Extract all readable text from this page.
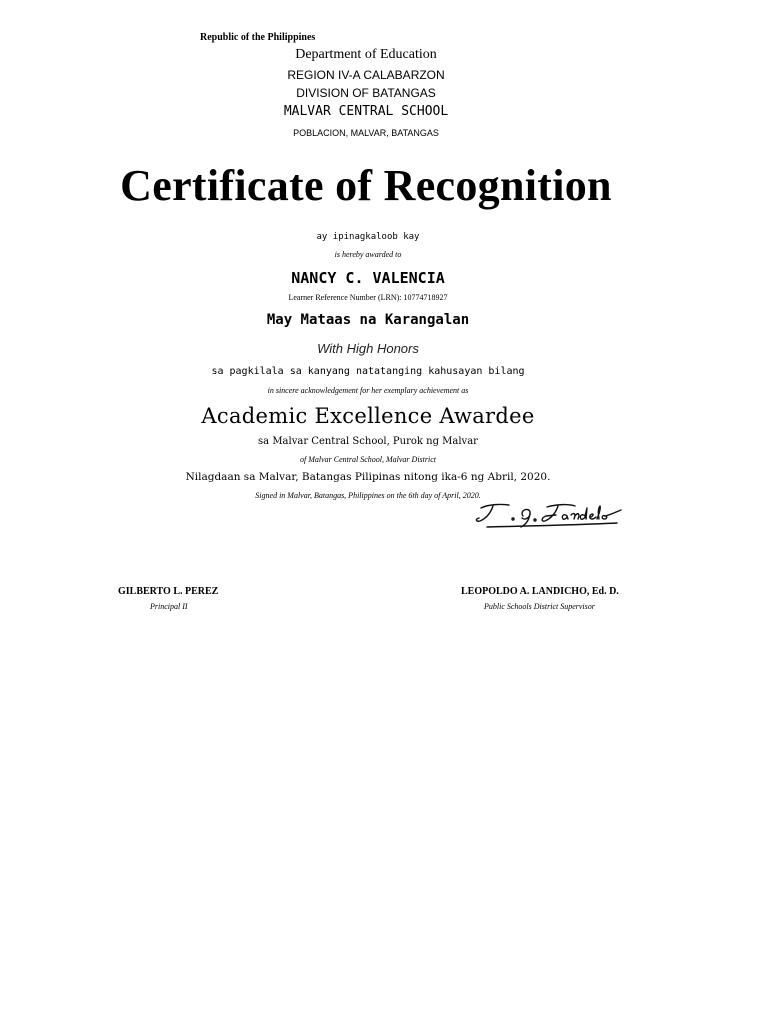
Republic of the Philippines
Department of Education
REGION IV-A CALABARZON
DIVISION OF BATANGAS
MALVAR CENTRAL SCHOOL
POBLACION, MALVAR, BATANGAS
Certificate of Recognition
ay ipinagkaloob kay
is hereby awarded to
NANCY C. VALENCIA
Learner Reference Number (LRN): 10774718927
May Mataas na Karangalan
With High Honors
sa pagkilala sa kanyang natatanging kahusayan bilang
in sincere acknowledgement for her exemplary achievement as
Academic Excellence Awardee
sa Malvar Central School, Purok ng Malvar
of Malvar Central School, Malvar District
Nilagdaan sa Malvar, Batangas Pilipinas nitong ika-6 ng Abril, 2020.
Signed in Malvar, Batangas, Philippines on the 6th day of April, 2020.
GILBERTO L. PEREZ
Principal II
LEOPOLDO A. LANDICHO, Ed. D.
Public Schools District Supervisor
